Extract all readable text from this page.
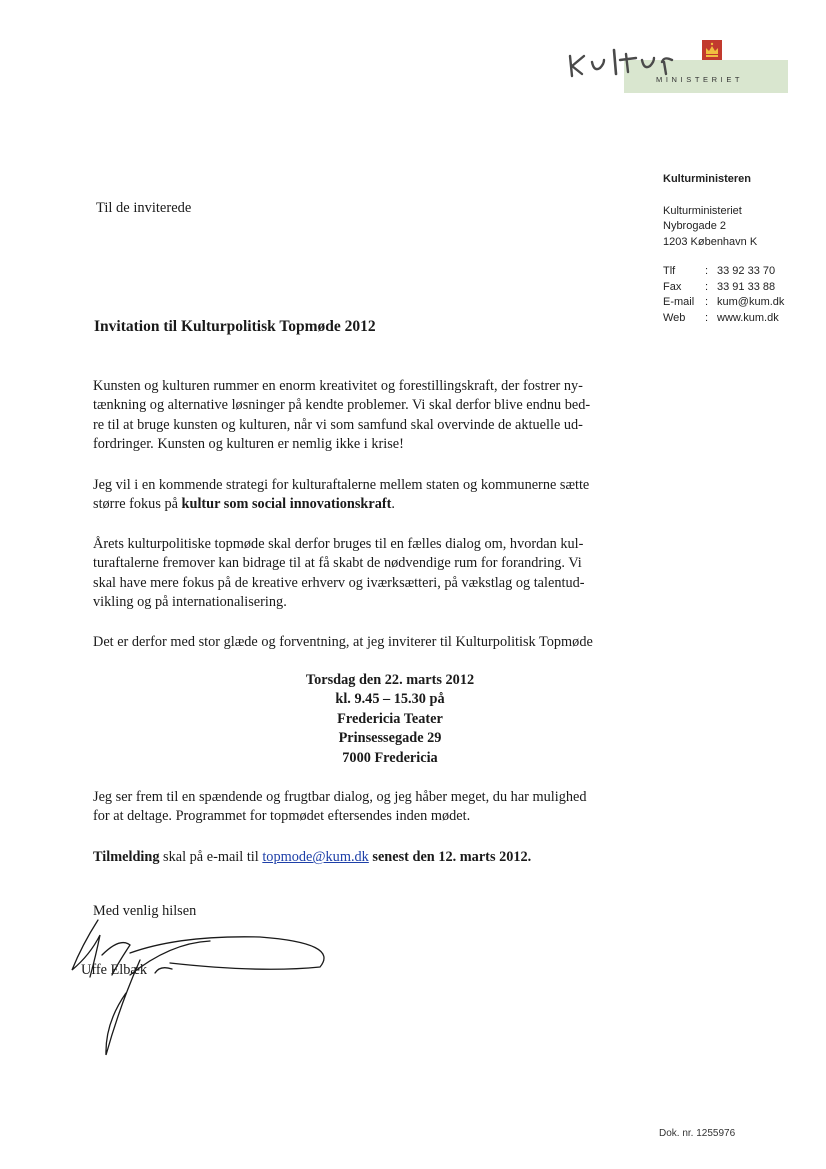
MINISTERIET
Kulturministeren
Kulturministeriet
Nybrogade 2
1203 København K
Tlf	: 33 92 33 70
Fax	: 33 91 33 88
E-mail : kum@kum.dk
Web	: www.kum.dk
Til de inviterede
Invitation til Kulturpolitisk Topmøde 2012

Kunsten og kulturen rummer en enorm kreativitet og forestillingskraft, der fostrer ny-

tænkning og alternative løsninger på kendte problemer. Vi skal derfor blive endnu bed-

re til at bruge kunsten og kulturen, når vi som samfund skal overvinde de aktuelle ud-

fordringer. Kunsten og kulturen er nemlig ikke i krise!

Jeg vil i en kommende strategi for kulturaftalerne mellem staten og kommunerne sætte

større fokus på kultur som social innovationskraft.

Årets kulturpolitiske topmøde skal derfor bruges til en fælles dialog om, hvordan kul-

turaftalerne fremover kan bidrage til at få skabt de nødvendige rum for forandring. Vi

skal have mere fokus på de kreative erhverv og iværksætteri, på vækstlag og talentud-

vikling og på internationalisering.

Det er derfor med stor glæde og forventning, at jeg inviterer til Kulturpolitisk Topmøde

Torsdag den 22. marts 2012
kl. 9.45 – 15.30 på
Fredericia Teater
Prinsessegade 29
7000 Fredericia

Jeg ser frem til en spændende og frugtbar dialog, og jeg håber meget, du har mulighed

for at deltage. Programmet for topmødet eftersendes inden mødet.

Tilmelding skal på e-mail til topmode@kum.dk senest den 12. marts 2012.

Med venlig hilsen
Uffe Elbæk
Dok. nr. 1255976
